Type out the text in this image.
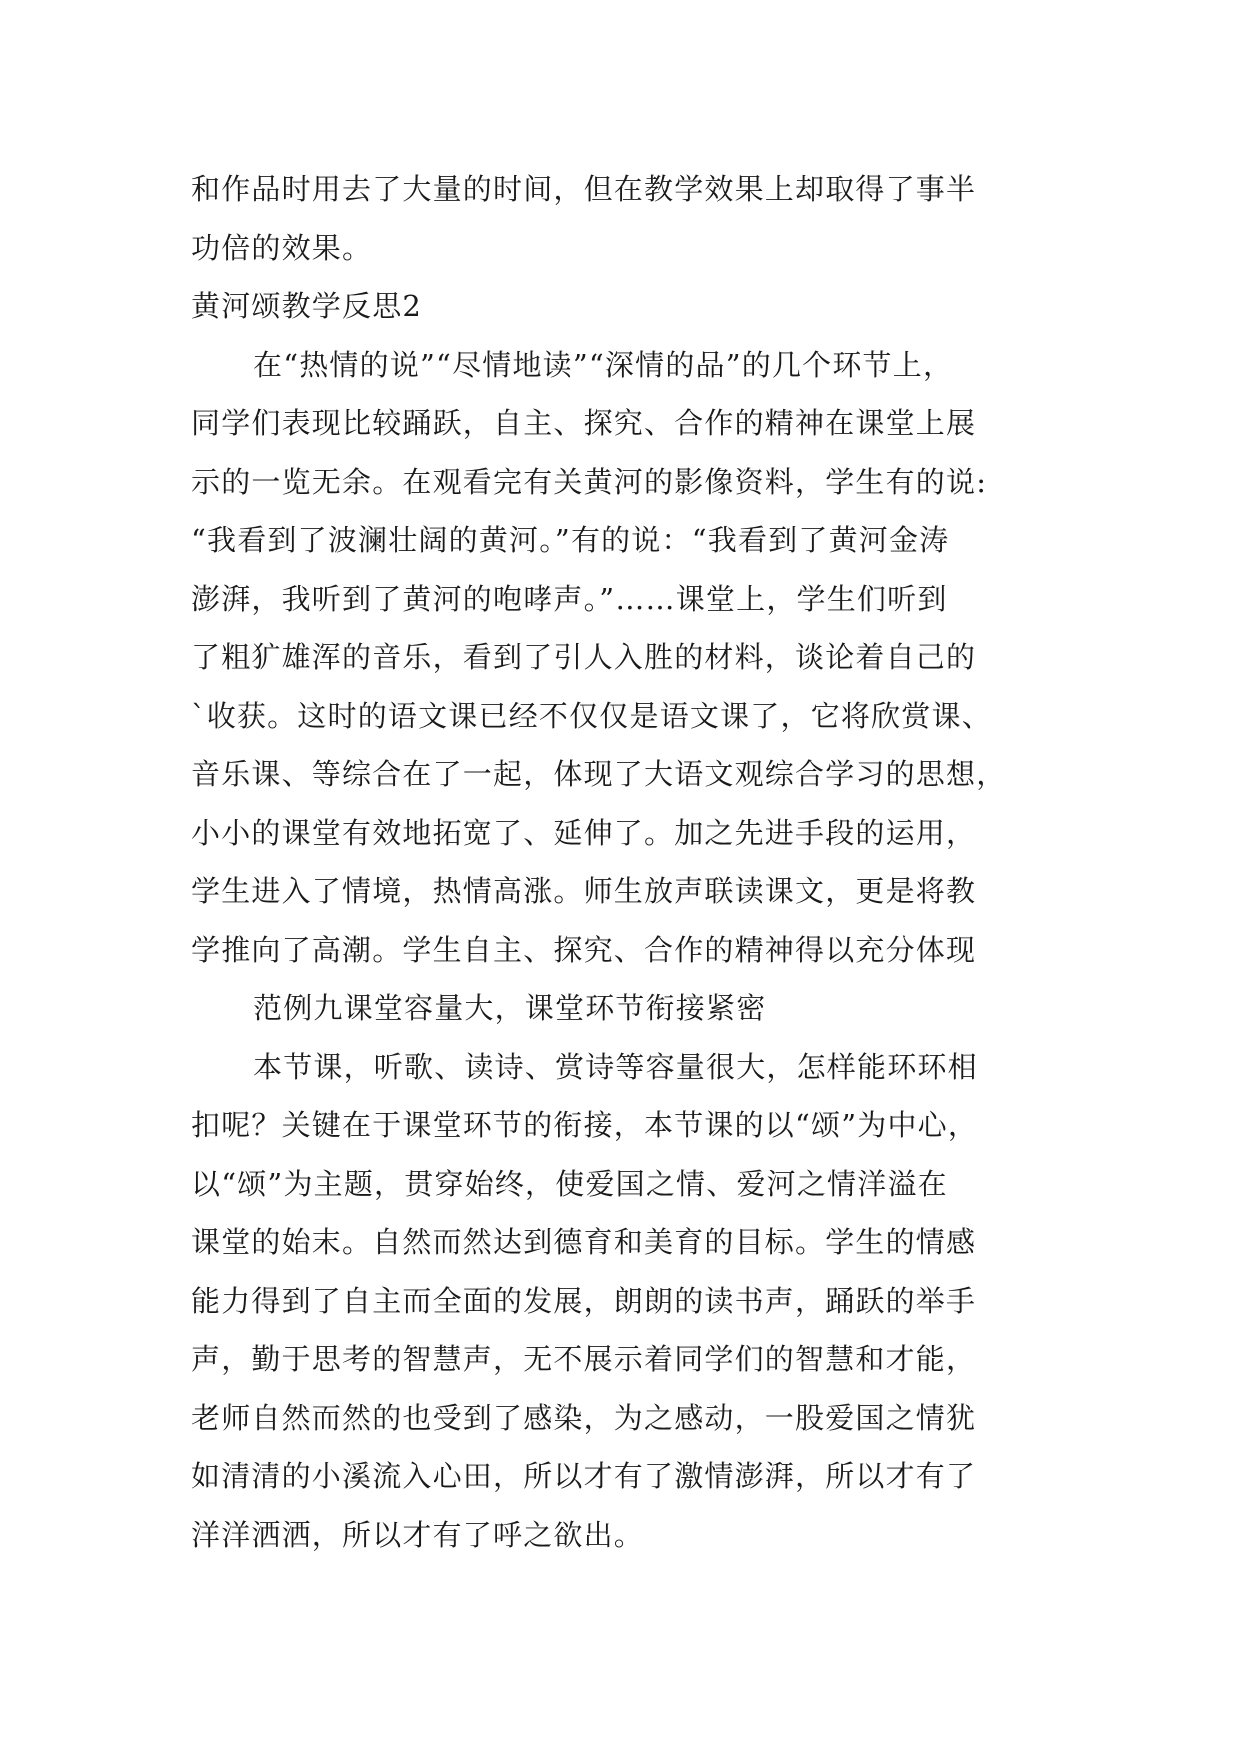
和作品时用去了大量的时间，但在教学效果上却取得了事半
功倍的效果。
黄河颂教学反思2
在“热情的说”“尽情地读”“深情的品”的几个环节上，
同学们表现比较踊跃，自主、探究、合作的精神在课堂上展
示的一览无余。在观看完有关黄河的影像资料，学生有的说:
“我看到了波澜壮阔的黄河。”有的说：“我看到了黄河金涛
澎湃，我听到了黄河的咆哮声。”……课堂上，学生们听到
了粗犷雄浑的音乐，看到了引人入胜的材料，谈论着自己的
`收获。这时的语文课已经不仅仅是语文课了，它将欣赏课、
音乐课、等综合在了一起，体现了大语文观综合学习的思想，
小小的课堂有效地拓宽了、延伸了。加之先进手段的运用，
学生进入了情境，热情高涨。师生放声联读课文，更是将教
学推向了高潮。学生自主、探究、合作的精神得以充分体现
范例九课堂容量大，课堂环节衔接紧密
本节课，听歌、读诗、赏诗等容量很大，怎样能环环相
扣呢？关键在于课堂环节的衔接，本节课的以“颂”为中心，
以“颂”为主题，贯穿始终，使爱国之情、爱河之情洋溢在
课堂的始末。自然而然达到德育和美育的目标。学生的情感
能力得到了自主而全面的发展，朗朗的读书声，踊跃的举手
声，勤于思考的智慧声，无不展示着同学们的智慧和才能，
老师自然而然的也受到了感染，为之感动，一股爱国之情犹
如清清的小溪流入心田，所以才有了激情澎湃，所以才有了
洋洋洒洒，所以才有了呼之欲出。
